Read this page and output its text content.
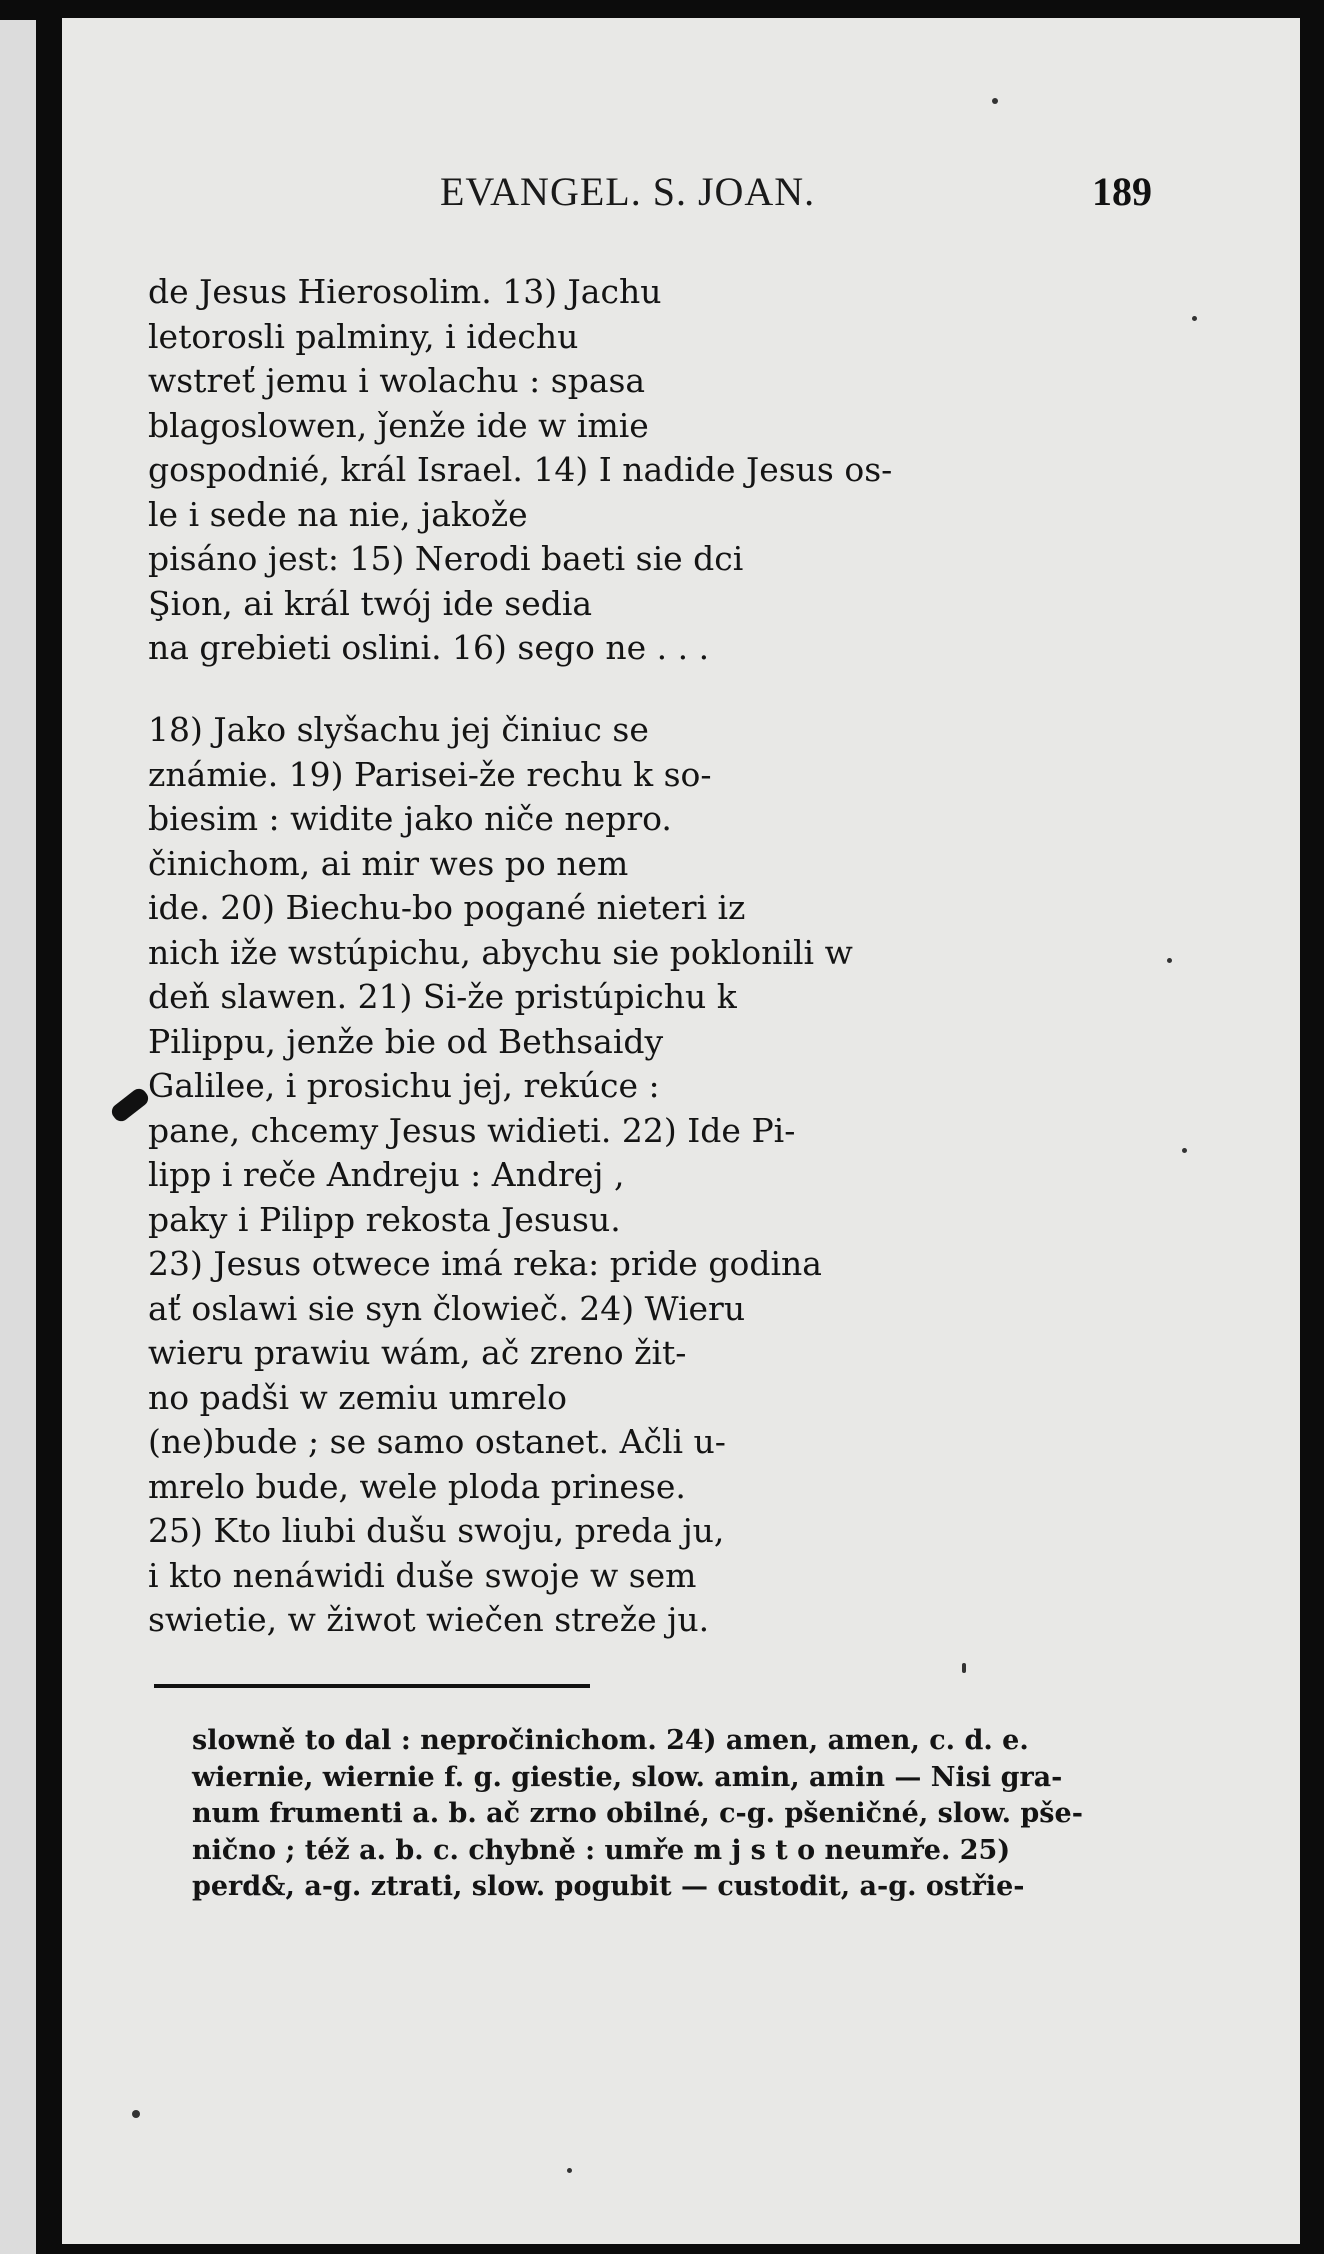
EVANGEL. S. JOAN.	189
de Jesus Hierosolim. 13) Jachu
letorosli palminy, i idechu
wstreť jemu i wolachu : spasa
blagoslowen, ǰenže ide w imie
gospodnié, král Israel. 14) I nadide Jesus os-
le i sede na nie, jakože
pisáno jest: 15) Nerodi baeti sie dci
Şion, ai král twój ide sedia
na grebieti oslini. 16) sego ne . . .
18) Jako slyšachu jej činiuc se
známie. 19) Parisei-že rechu k so-
biesim : widite jako niče nepro.
činichom, ai mir wes po nem
ide. 20) Biechu-bo pogané nieteri iz
nich iže wstúpichu, abychu sie poklonili w
deň slawen. 21) Si-že pristúpichu k
Pilippu, jenže bie od Bethsaidy
Galilee, i prosichu jej, rekúce :
pane, chcemy Jesus widieti. 22) Ide Pi-
lipp i reče Andreju : Andrej ,
paky i Pilipp rekosta Jesusu.
23) Jesus otwece imá reka: pride godina
ať oslawi sie syn člowieč. 24) Wieru
wieru prawiu wám, ač zreno žit-
no padši w zemiu umrelo
(ne)bude ; se samo ostanet. Ačli u-
mrelo bude, wele ploda prinese.
25) Kto liubi dušu swoju, preda ju,
i kto nenáwidi duše swoje w sem
swietie, w žiwot wiečen streže ju.
slowně to dal : neprоčinichom. 24) amen, amen, c. d. e.
wiernie, wiernie f. g. giestie, slow. amin, amin — Nisi gra-
num frumenti a. b. ač zrno obilné, c-g. pšeničné, slow. pše-
nično ; též a. b. c. chybně : umře m j s t o neumře. 25)
perd&, a-g. ztrati, slow. pogubit — custodit, a-g. ostřie-
